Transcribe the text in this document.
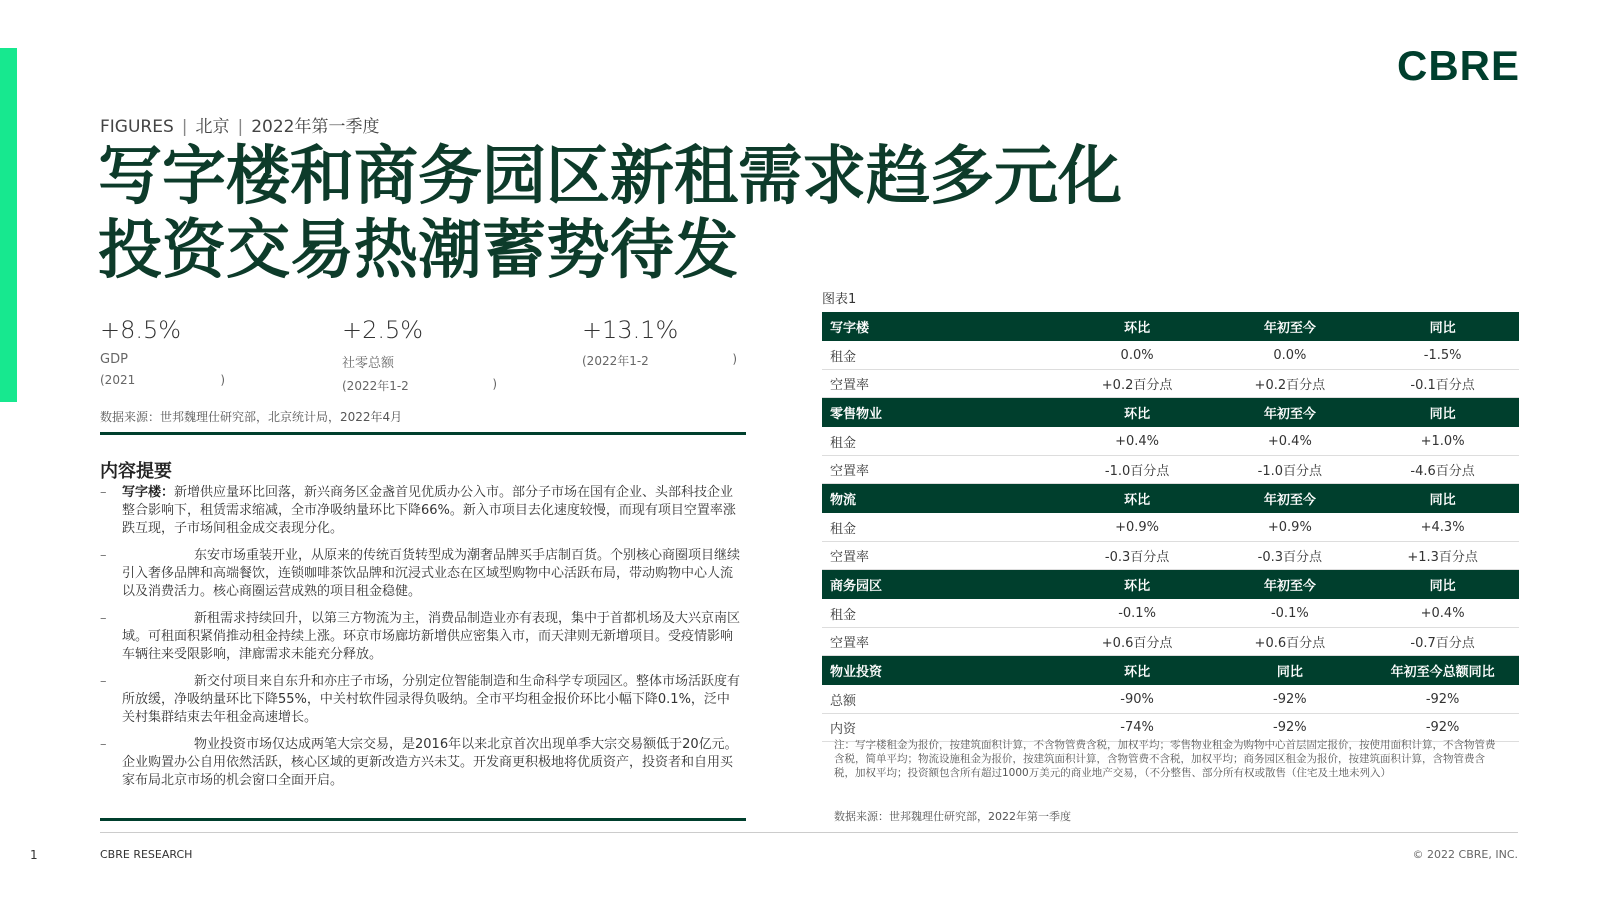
CBRE
FIGURES | 北京 | 2022年第一季度
写字楼和商务园区新租需求趋多元化
投资交易热潮蓄势待发
+8.5%
GDP
(2021	)
+2.5%
社零总额
(2022年1-2	)
+13.1%
(2022年1-2	)
数据来源：世邦魏理仕研究部，北京统计局，2022年4月
内容提要
– 写字楼：新增供应量环比回落，新兴商务区金盏首见优质办公入市。部分子市场在国有企业、头部科技企业整合影响下，租赁需求缩减，全市净吸纳量环比下降66%。新入市项目去化速度较慢，而现有项目空置率涨跌互现，子市场间租金成交表现分化。
–	东安市场重装开业，从原来的传统百货转型成为潮奢品牌买手店制百货。个别核心商圈项目继续引入奢侈品牌和高端餐饮，连锁咖啡茶饮品牌和沉浸式业态在区域型购物中心活跃布局，带动购物中心人流以及消费活力。核心商圈运营成熟的项目租金稳健。
–	新租需求持续回升，以第三方物流为主，消费品制造业亦有表现，集中于首都机场及大兴京南区域。可租面积紧俏推动租金持续上涨。环京市场廊坊新增供应密集入市，而天津则无新增项目。受疫情影响车辆往来受限影响，津廊需求未能充分释放。
–	新交付项目来自东升和亦庄子市场，分别定位智能制造和生命科学专项园区。整体市场活跃度有所放缓，净吸纳量环比下降55%，中关村软件园录得负吸纳。全市平均租金报价环比小幅下降0.1%，泛中关村集群结束去年租金高速增长。
–	物业投资市场仅达成两笔大宗交易，是2016年以来北京首次出现单季大宗交易额低于20亿元。企业购置办公自用依然活跃，核心区域的更新改造方兴未艾。开发商更积极地将优质资产，投资者和自用买家布局北京市场的机会窗口全面开启。
图表1
写字楼	环比	年初至今	同比
租金	0.0%	0.0%	-1.5%
空置率	+0.2百分点	+0.2百分点	-0.1百分点
零售物业	环比	年初至今	同比
租金	+0.4%	+0.4%	+1.0%
空置率	-1.0百分点	-1.0百分点	-4.6百分点
物流	环比	年初至今	同比
租金	+0.9%	+0.9%	+4.3%
空置率	-0.3百分点	-0.3百分点	+1.3百分点
商务园区	环比	年初至今	同比
租金	-0.1%	-0.1%	+0.4%
空置率	+0.6百分点	+0.6百分点	-0.7百分点
物业投资	环比	同比	年初至今总额同比
总额	-90%	-92%	-92%
内资	-74%	-92%	-92%
注：写字楼租金为报价，按建筑面积计算，不含物管费含税，加权平均；零售物业租金为购物中心首层固定报价，按使用面积计算，不含物管费含税，简单平均；物流设施租金为报价，按建筑面积计算，含物管费不含税，加权平均；商务园区租金为报价，按建筑面积计算，含物管费含税，加权平均；投资额包含所有超过1000万美元的商业地产交易，（不分整售、部分所有权或散售（住宅及土地未列入）
数据来源：世邦魏理仕研究部，2022年第一季度
1	CBRE RESEARCH	© 2022 CBRE, INC.
